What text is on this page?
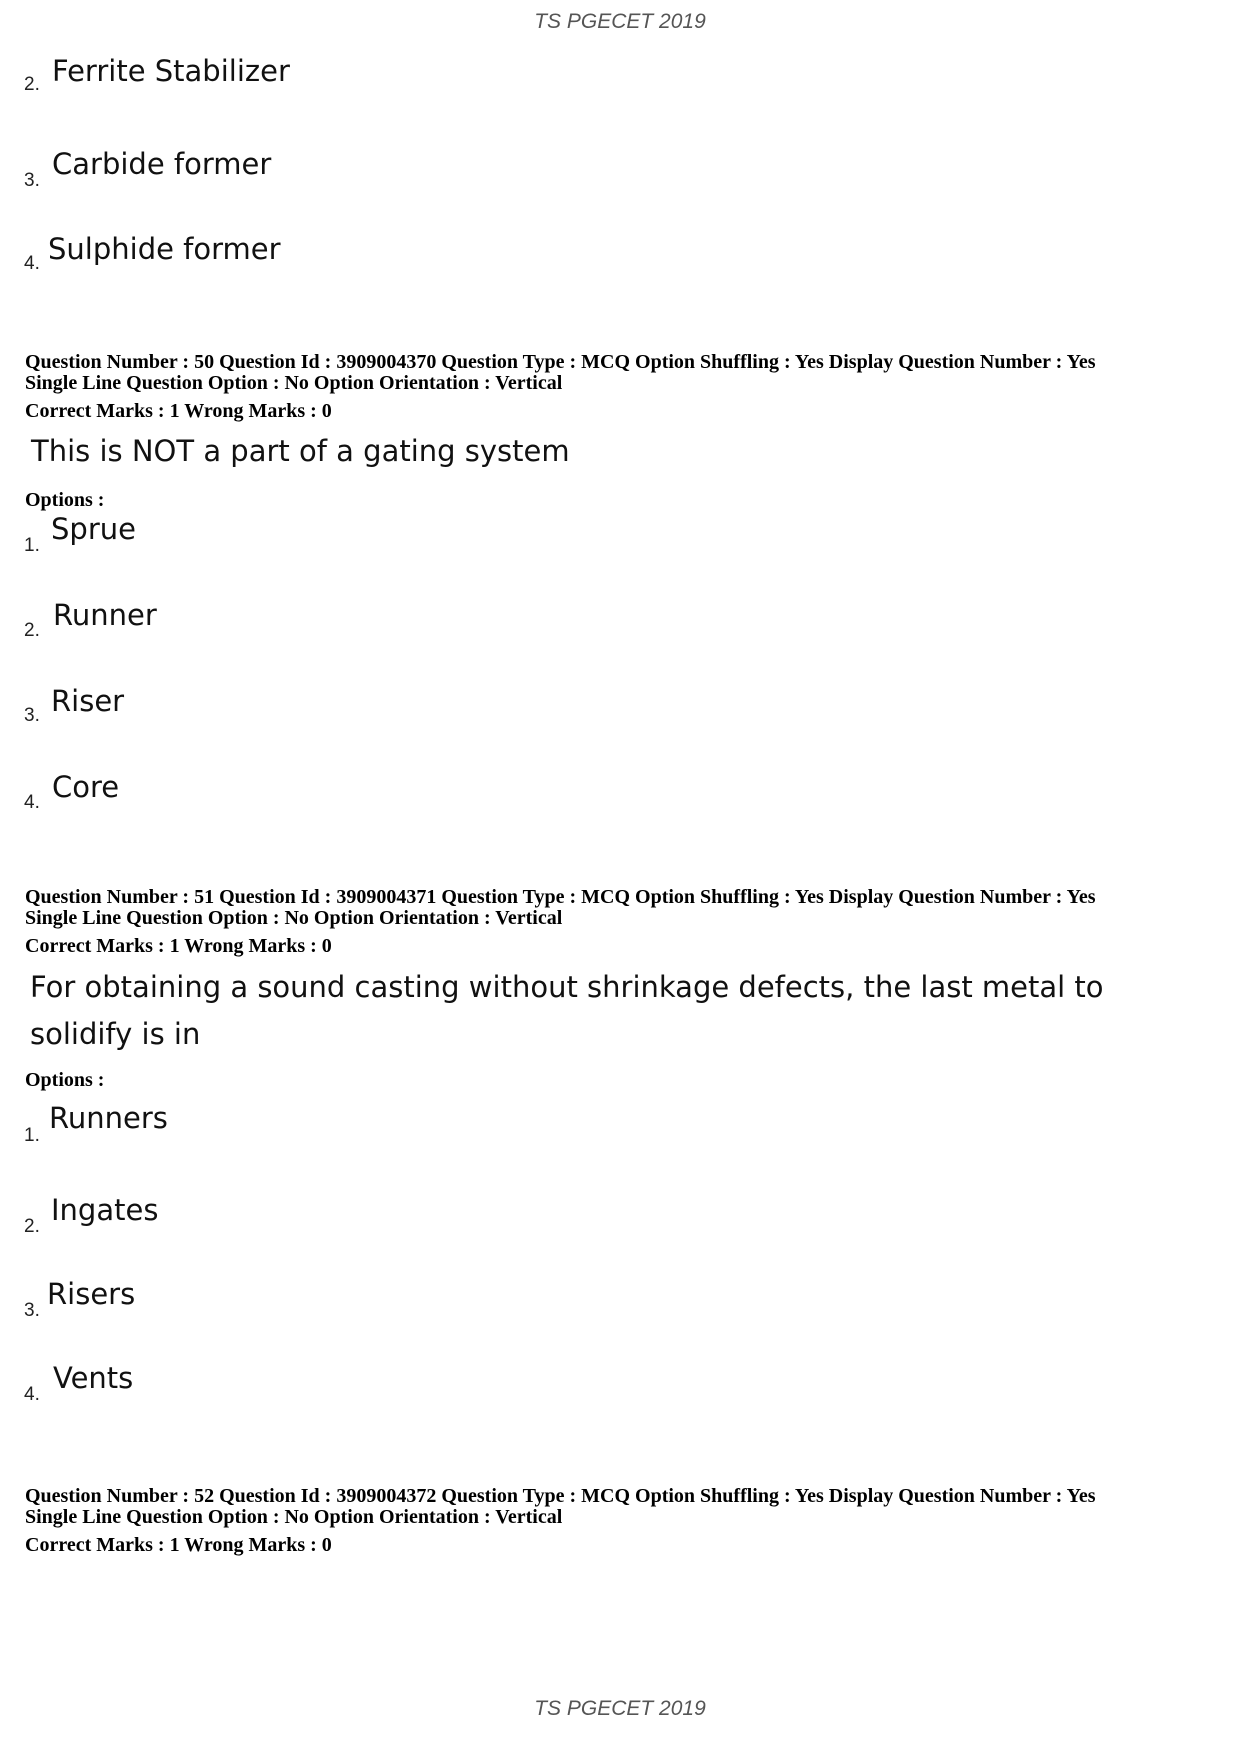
TS PGECET 2019
2. Ferrite Stabilizer
3. Carbide former
4. Sulphide former
Question Number : 50 Question Id : 3909004370 Question Type : MCQ Option Shuffling : Yes Display Question Number : Yes
Single Line Question Option : No Option Orientation : Vertical
Correct Marks : 1 Wrong Marks : 0
This is NOT a part of a gating system
Options :
1. Sprue
2. Runner
3. Riser
4. Core
Question Number : 51 Question Id : 3909004371 Question Type : MCQ Option Shuffling : Yes Display Question Number : Yes
Single Line Question Option : No Option Orientation : Vertical
Correct Marks : 1 Wrong Marks : 0
For obtaining a sound casting without shrinkage defects, the last metal to
solidify is in
Options :
1.
Runners
2. Ingates
3. Risers
4. Vents
Question Number : 52 Question Id : 3909004372 Question Type : MCQ Option Shuffling : Yes Display Question Number : Yes
Single Line Question Option : No Option Orientation : Vertical
Correct Marks : 1 Wrong Marks : 0
TS PGECET 2019
